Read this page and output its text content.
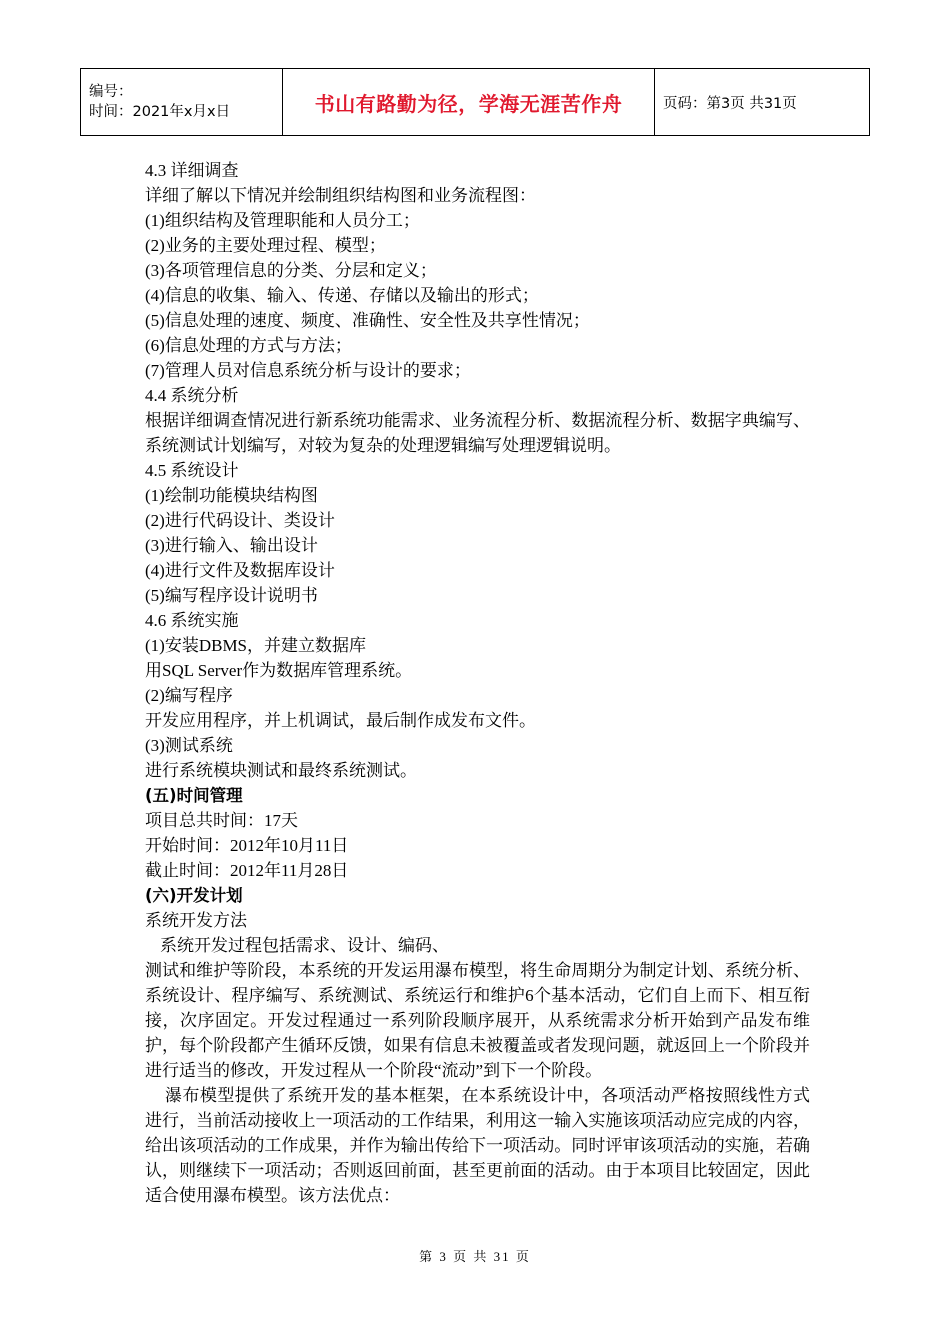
编号：
时间：2021年x月x日	书山有路勤为径，学海无涯苦作舟	页码：第3页 共31页

4.3 详细调查

详细了解以下情况并绘制组织结构图和业务流程图：

(1)组织结构及管理职能和人员分工；

(2)业务的主要处理过程、模型；

(3)各项管理信息的分类、分层和定义；

(4)信息的收集、输入、传递、存储以及输出的形式；

(5)信息处理的速度、频度、准确性、安全性及共享性情况；

(6)信息处理的方式与方法；

(7)管理人员对信息系统分析与设计的要求；

4.4 系统分析

根据详细调查情况进行新系统功能需求、业务流程分析、数据流程分析、数据字典编写、系统测试计划编写，对较为复杂的处理逻辑编写处理逻辑说明。

4.5 系统设计

(1)绘制功能模块结构图

(2)进行代码设计、类设计

(3)进行输入、输出设计

(4)进行文件及数据库设计

(5)编写程序设计说明书

4.6 系统实施

(1)安装DBMS，并建立数据库

用SQL Server作为数据库管理系统。

(2)编写程序

开发应用程序，并上机调试，最后制作成发布文件。

(3)测试系统

进行系统模块测试和最终系统测试。

(五)时间管理

项目总共时间：17天

开始时间：2012年10月11日

截止时间：2012年11月28日

(六)开发计划

系统开发方法

系统开发过程包括需求、设计、编码、

测试和维护等阶段，本系统的开发运用瀑布模型，将生命周期分为制定计划、系统分析、系统设计、程序编写、系统测试、系统运行和维护6个基本活动，它们自上而下、相互衔接，次序固定。开发过程通过一系列阶段顺序展开，从系统需求分析开始到产品发布维护，每个阶段都产生循环反馈，如果有信息未被覆盖或者发现问题，就返回上一个阶段并进行适当的修改，开发过程从一个阶段“流动”到下一个阶段。

瀑布模型提供了系统开发的基本框架，在本系统设计中，各项活动严格按照线性方式进行，当前活动接收上一项活动的工作结果，利用这一输入实施该项活动应完成的内容，给出该项活动的工作成果，并作为输出传给下一项活动。同时评审该项活动的实施，若确认，则继续下一项活动；否则返回前面，甚至更前面的活动。由于本项目比较固定，因此适合使用瀑布模型。该方法优点：

第 3 页 共 31 页
